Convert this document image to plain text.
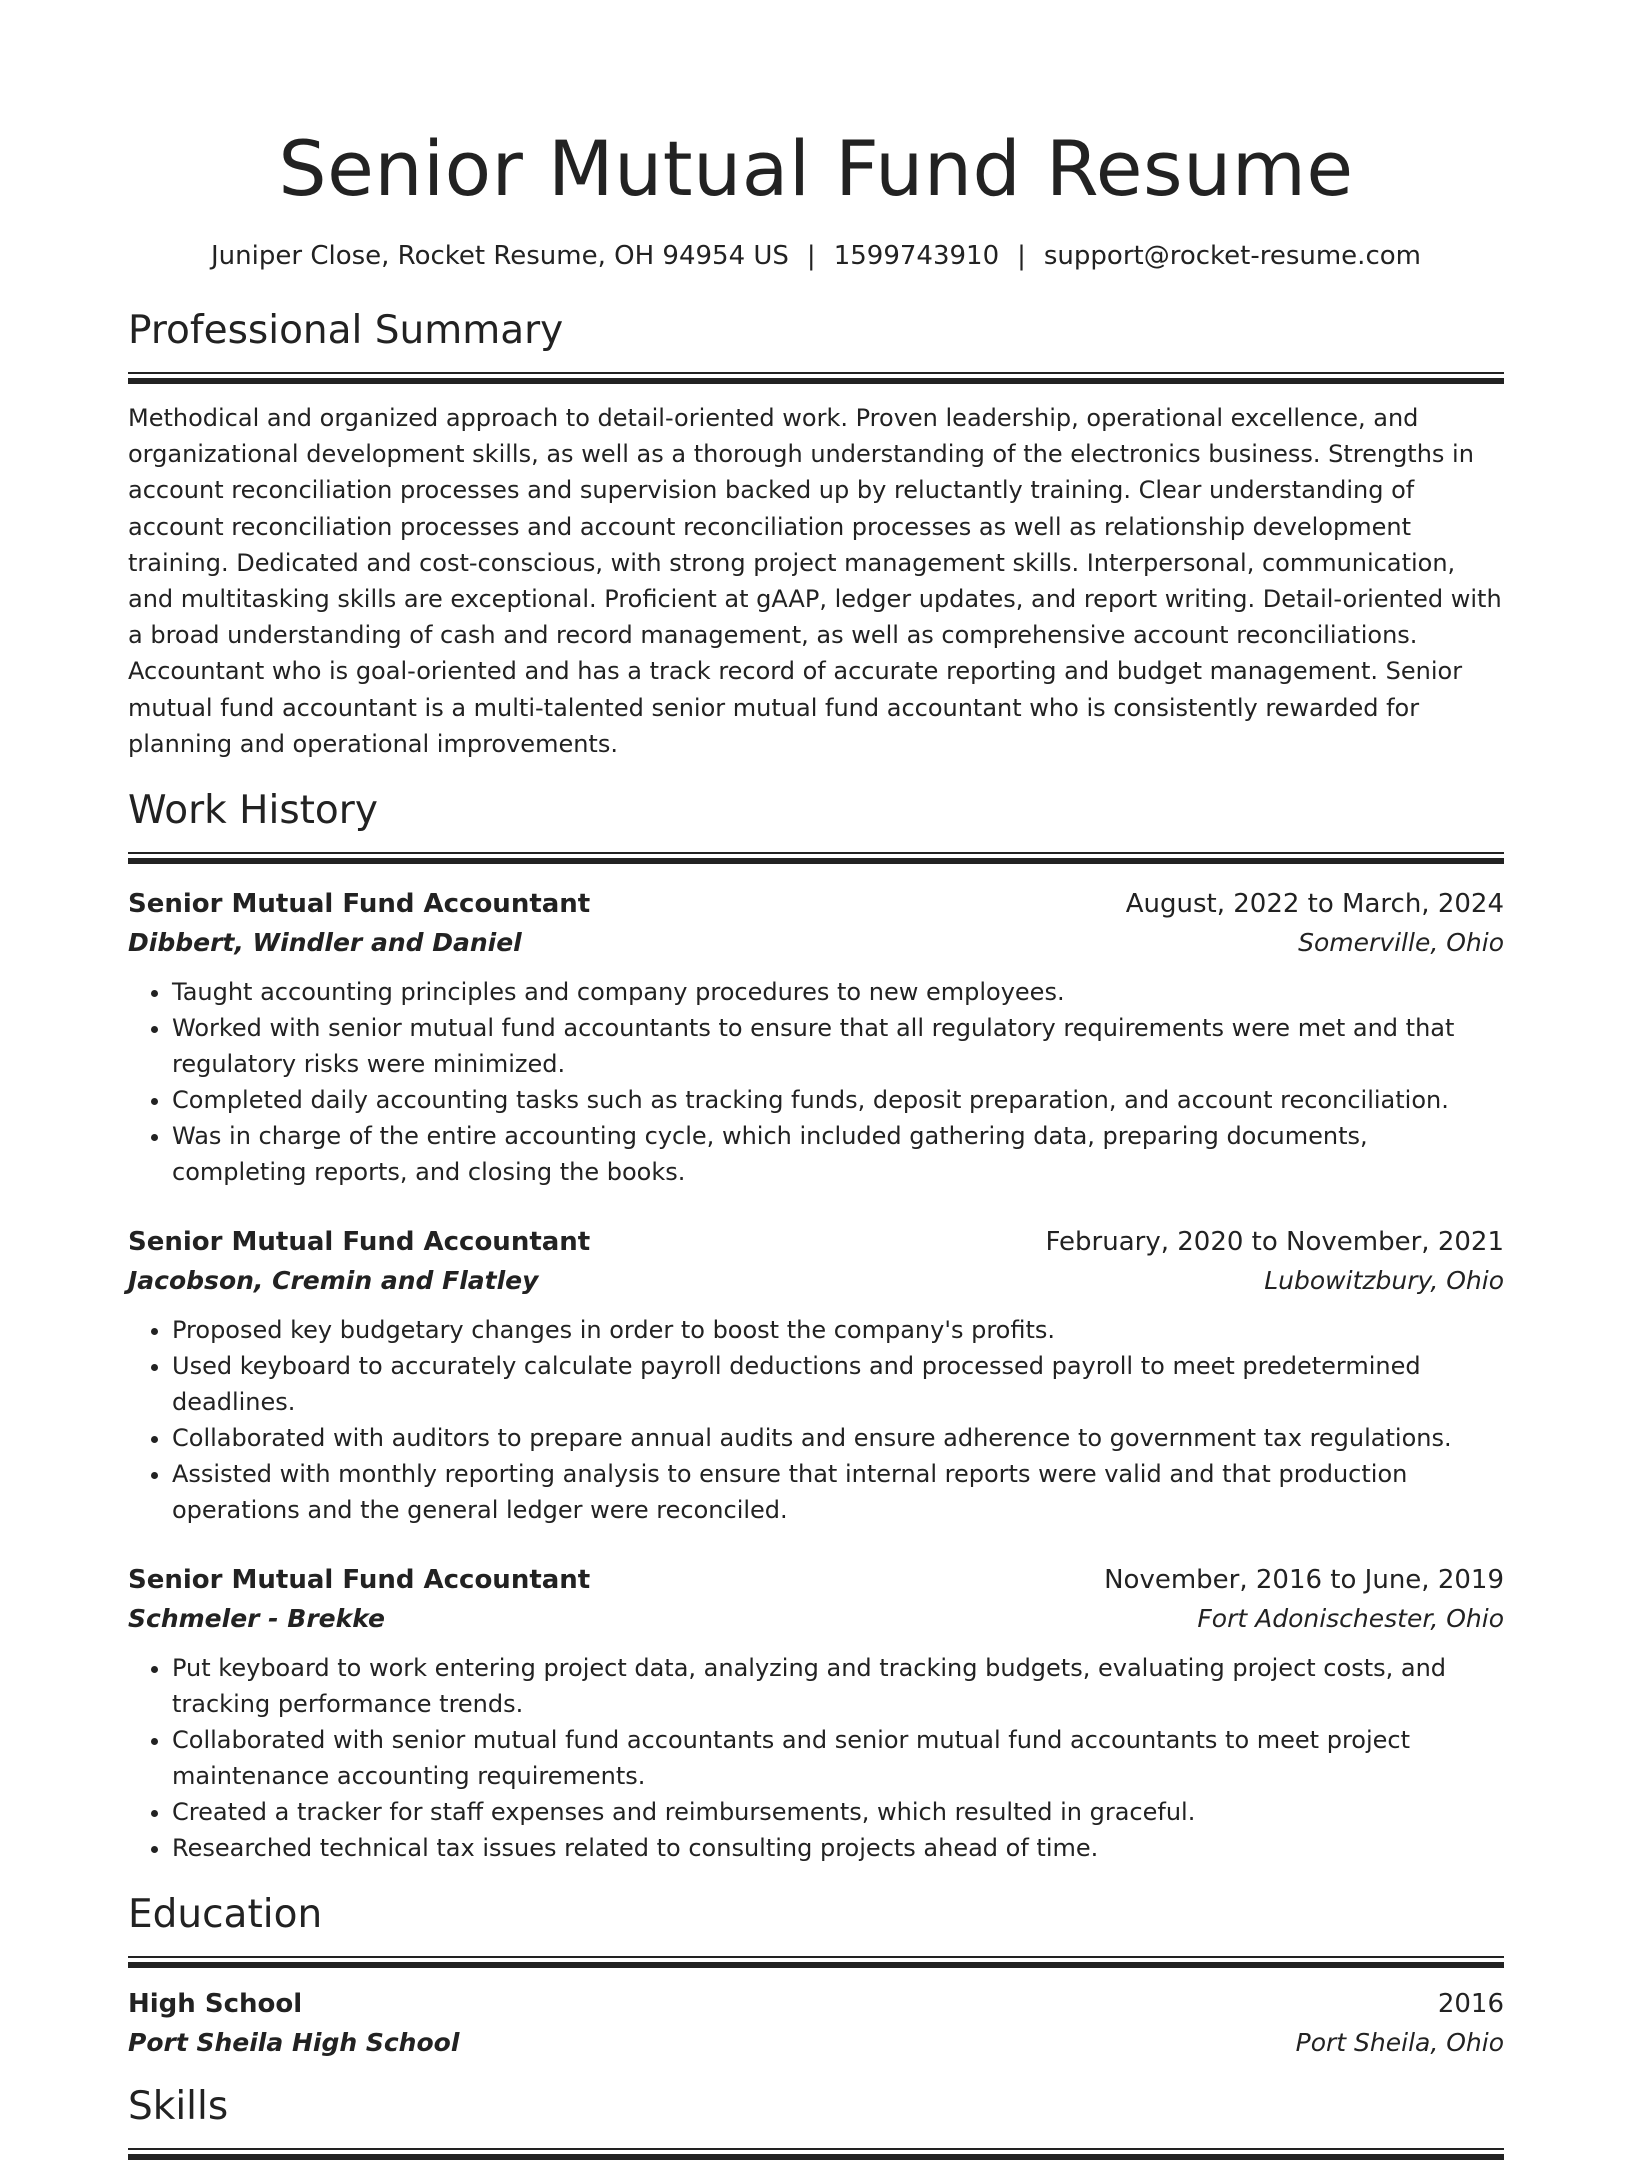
Senior Mutual Fund Resume
Juniper Close, Rocket Resume, OH 94954 US | 1599743910 | support@rocket-resume.com
Professional Summary

Methodical and organized approach to detail-oriented work. Proven leadership, operational excellence, and organizational development skills, as well as a thorough understanding of the electronics business. Strengths in account reconciliation processes and supervision backed up by reluctantly training. Clear understanding of account reconciliation processes and account reconciliation processes as well as relationship development training. Dedicated and cost-conscious, with strong project management skills. Interpersonal, communication, and multitasking skills are exceptional. Proficient at gAAP, ledger updates, and report writing. Detail-oriented with a broad understanding of cash and record management, as well as comprehensive account reconciliations. Accountant who is goal-oriented and has a track record of accurate reporting and budget management. Senior mutual fund accountant is a multi-talented senior mutual fund accountant who is consistently rewarded for planning and operational improvements.

Work History
Senior Mutual Fund Accountant	August, 2022 to March, 2024
Dibbert, Windler and Daniel	Somerville, Ohio
• Taught accounting principles and company procedures to new employees.
• Worked with senior mutual fund accountants to ensure that all regulatory requirements were met and that regulatory risks were minimized.
• Completed daily accounting tasks such as tracking funds, deposit preparation, and account reconciliation.
• Was in charge of the entire accounting cycle, which included gathering data, preparing documents, completing reports, and closing the books.
Senior Mutual Fund Accountant	February, 2020 to November, 2021
Jacobson, Cremin and Flatley	Lubowitzbury, Ohio
• Proposed key budgetary changes in order to boost the company's profits.
• Used keyboard to accurately calculate payroll deductions and processed payroll to meet predetermined deadlines.
• Collaborated with auditors to prepare annual audits and ensure adherence to government tax regulations.
• Assisted with monthly reporting analysis to ensure that internal reports were valid and that production operations and the general ledger were reconciled.
Senior Mutual Fund Accountant	November, 2016 to June, 2019
Schmeler - Brekke	Fort Adonischester, Ohio
• Put keyboard to work entering project data, analyzing and tracking budgets, evaluating project costs, and tracking performance trends.
• Collaborated with senior mutual fund accountants and senior mutual fund accountants to meet project maintenance accounting requirements.
• Created a tracker for staff expenses and reimbursements, which resulted in graceful.
• Researched technical tax issues related to consulting projects ahead of time.
Education
High School	2016
Port Sheila High School	Port Sheila, Ohio
Skills
